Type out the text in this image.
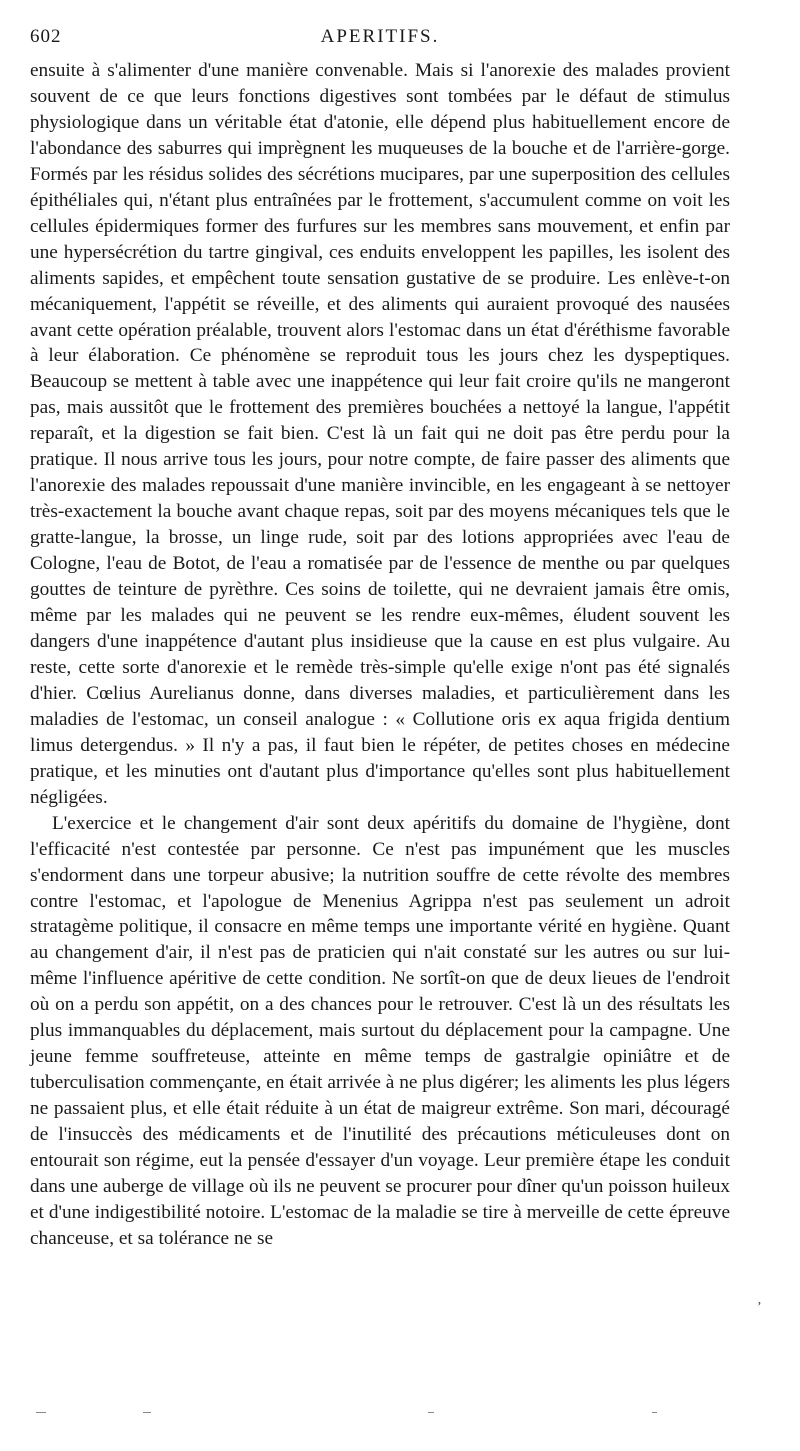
602	APERITIFS.

ensuite à s'alimenter d'une manière convenable. Mais si l'anorexie des malades provient souvent de ce que leurs fonctions digestives sont tombées par le défaut de stimulus physiologique dans un véritable état d'atonie, elle dépend plus habituellement encore de l'abondance des saburres qui imprègnent les muqueuses de la bouche et de l'arrière-gorge. Formés par les résidus solides des sécrétions mucipares, par une superposition des cellules épithéliales qui, n'étant plus entraînées par le frottement, s'accumulent comme on voit les cellules épidermiques former des furfures sur les membres sans mouvement, et enfin par une hypersécrétion du tartre gingival, ces enduits enveloppent les papilles, les isolent des aliments sapides, et empêchent toute sensation gustative de se produire. Les enlève-t-on mécaniquement, l'appétit se réveille, et des aliments qui auraient provoqué des nausées avant cette opération préalable, trouvent alors l'estomac dans un état d'éréthisme favorable à leur élaboration. Ce phénomène se reproduit tous les jours chez les dyspeptiques. Beaucoup se mettent à table avec une inappétence qui leur fait croire qu'ils ne mangeront pas, mais aussitôt que le frottement des premières bouchées a nettoyé la langue, l'appétit reparaît, et la digestion se fait bien. C'est là un fait qui ne doit pas être perdu pour la pratique. Il nous arrive tous les jours, pour notre compte, de faire passer des aliments que l'anorexie des malades repoussait d'une manière invincible, en les engageant à se nettoyer très-exactement la bouche avant chaque repas, soit par des moyens mécaniques tels que le gratte-langue, la brosse, un linge rude, soit par des lotions appropriées avec l'eau de Cologne, l'eau de Botot, de l'eau a romatisée par de l'essence de menthe ou par quelques gouttes de teinture de pyrèthre. Ces soins de toilette, qui ne devraient jamais être omis, même par les malades qui ne peuvent se les rendre eux-mêmes, éludent souvent les dangers d'une inappétence d'autant plus insidieuse que la cause en est plus vulgaire. Au reste, cette sorte d'anorexie et le remède très-simple qu'elle exige n'ont pas été signalés d'hier. Cœlius Aurelianus donne, dans diverses maladies, et particulièrement dans les maladies de l'estomac, un conseil analogue : « Collutione oris ex aqua frigida dentium limus detergendus. » Il n'y a pas, il faut bien le répéter, de petites choses en médecine pratique, et les minuties ont d'autant plus d'importance qu'elles sont plus habituellement négligées.

L'exercice et le changement d'air sont deux apéritifs du domaine de l'hygiène, dont l'efficacité n'est contestée par personne. Ce n'est pas impunément que les muscles s'endorment dans une torpeur abusive; la nutrition souffre de cette révolte des membres contre l'estomac, et l'apologue de Menenius Agrippa n'est pas seulement un adroit stratagème politique, il consacre en même temps une importante vérité en hygiène. Quant au changement d'air, il n'est pas de praticien qui n'ait constaté sur les autres ou sur lui-même l'influence apéritive de cette condition. Ne sortît-on que de deux lieues de l'endroit où on a perdu son appétit, on a des chances pour le retrouver. C'est là un des résultats les plus immanquables du déplacement, mais surtout du déplacement pour la campagne. Une jeune femme souffreteuse, atteinte en même temps de gastralgie opiniâtre et de tuberculisation commençante, en était arrivée à ne plus digérer; les aliments les plus légers ne passaient plus, et elle était réduite à un état de maigreur extrême. Son mari, découragé de l'insuccès des médicaments et de l'inutilité des précautions méticuleuses dont on entourait son régime, eut la pensée d'essayer d'un voyage. Leur première étape les conduit dans une auberge de village où ils ne peuvent se procurer pour dîner qu'un poisson huileux et d'une indigestibilité notoire. L'estomac de la maladie se tire à merveille de cette épreuve chanceuse, et sa tolérance ne se

ʼ
